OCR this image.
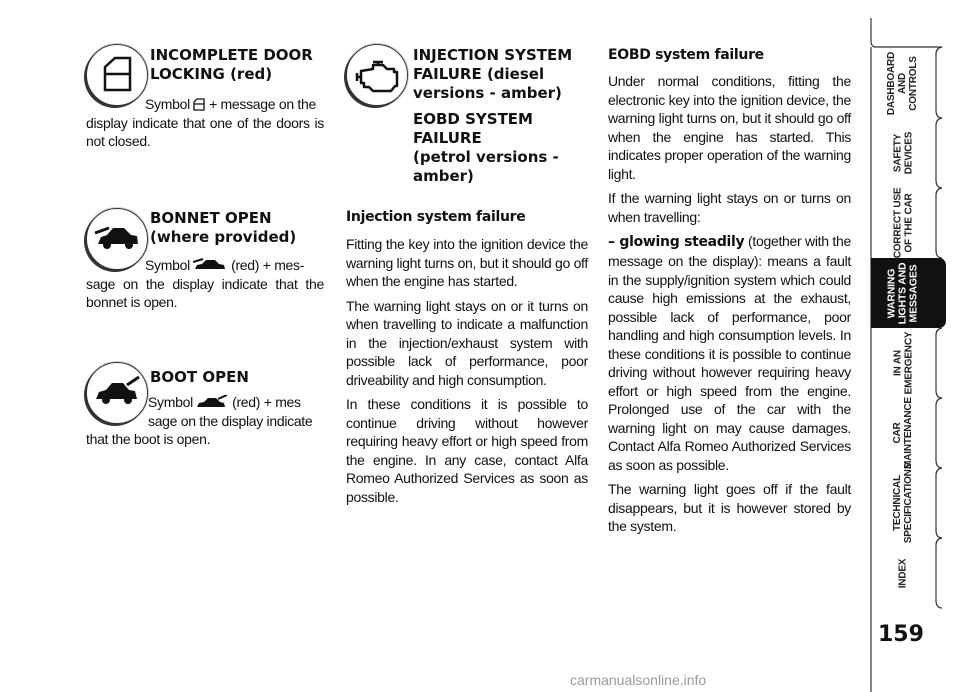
INCOMPLETE DOOR
LOCKING (red)
Symbol + message on the

display indicate that one of the doors is not closed.

BONNET OPEN
(where provided)
Symbol	(red) + mes-

sage on the display indicate that the bonnet is open.

BOOT OPEN
Symbol	(red) + mes
sage on the display indicate

that the boot is open.

INJECTION SYSTEM
FAILURE (diesel
versions - amber)
EOBD SYSTEM
FAILURE
(petrol versions -
amber)
Injection system failure

Fitting the key into the ignition device the warning light turns on, but it should go off when the engine has started.

The warning light stays on or it turns on when travelling to indicate a malfunction in the injection/exhaust system with possible lack of performance, poor driveability and high consumption.

In these conditions it is possible to continue driving without however requiring heavy effort or high speed from the engine. In any case, contact Alfa Romeo Authorized Services as soon as possible.

EOBD system failure

Under normal conditions, fitting the electronic key into the ignition device, the warning light turns on, but it should go off when the engine has started. This indicates proper operation of the warning light.

If the warning light stays on or turns on when travelling:

– glowing steadily (together with the message on the display): means a fault in the supply/ignition system which could cause high emissions at the exhaust, possible lack of performance, poor handling and high consumption levels. In these conditions it is possible to continue driving without however requiring heavy effort or high speed from the engine. Prolonged use of the car with the warning light on may cause damages. Contact Alfa Romeo Authorized Services as soon as possible.

The warning light goes off if the fault disappears, but it is however stored by the system.

DASHBOARD
AND
CONTROLS
SAFETY
DEVICES
CORRECT USE
OF THE CAR
WARNING
LIGHTS AND
MESSAGES
IN AN
EMERGENCY
CAR
MAINTENANCE
TECHNICAL
SPECIFICATIONS
INDEX
159
carmanualsonline.info
